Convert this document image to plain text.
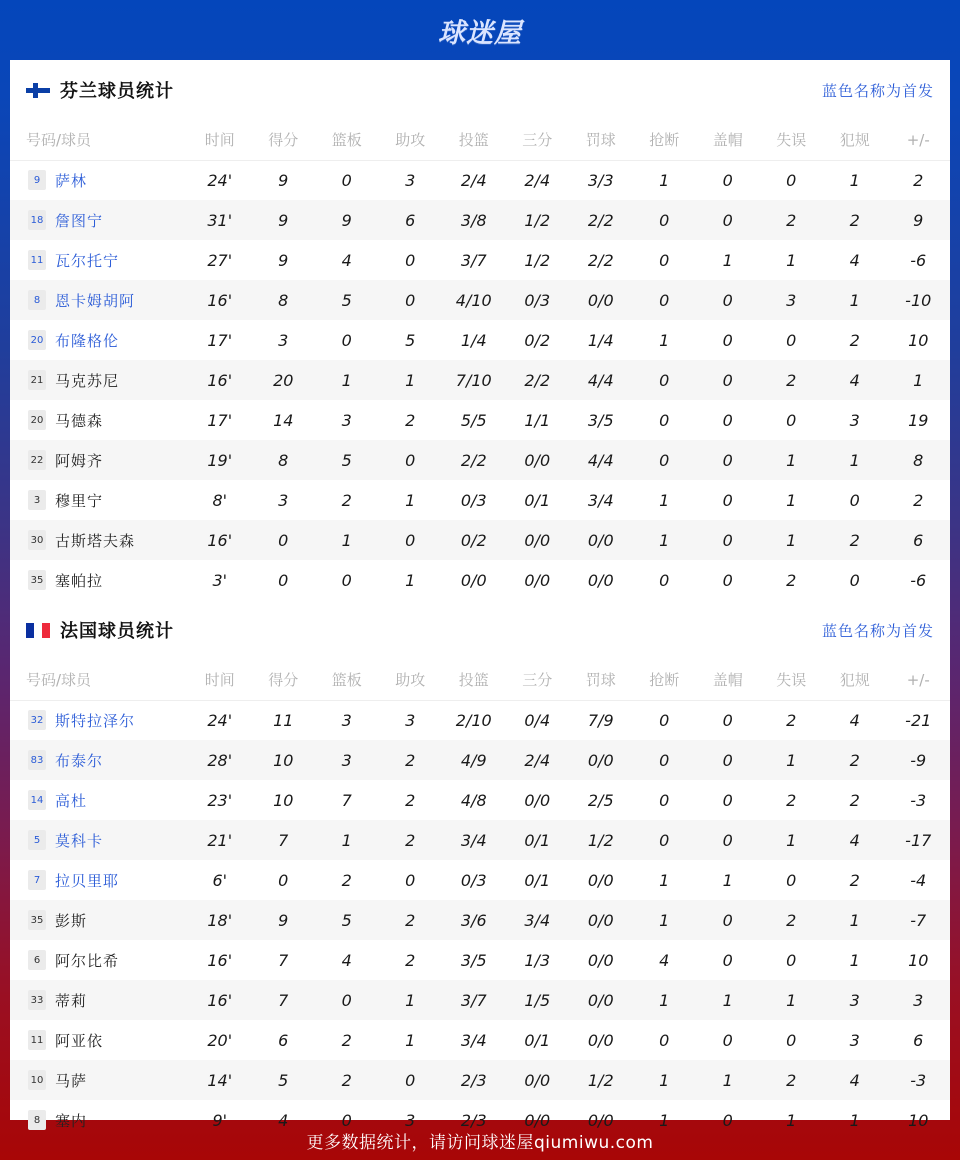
球迷屋
芬兰球员统计	蓝色名称为首发
号码/球员	时间	得分	篮板	助攻	投篮	三分	罚球	抢断	盖帽	失误	犯规	+/-

9 萨林	24'	9	0	3	2/4	2/4	3/3	1	0	0	1	2

18 詹图宁	31'	9	9	6	3/8	1/2	2/2	0	0	2	2	9

11 瓦尔托宁	27'	9	4	0	3/7	1/2	2/2	0	1	1	4	-6

8 恩卡姆胡阿	16'	8	5	0	4/10	0/3	0/0	0	0	3	1	-10

20 布隆格伦	17'	3	0	5	1/4	0/2	1/4	1	0	0	2	10

21 马克苏尼	16'	20	1	1	7/10	2/2	4/4	0	0	2	4	1

20 马德森	17'	14	3	2	5/5	1/1	3/5	0	0	0	3	19

22 阿姆齐	19'	8	5	0	2/2	0/0	4/4	0	0	1	1	8

3 穆里宁	8'	3	2	1	0/3	0/1	3/4	1	0	1	0	2

30 古斯塔夫森	16'	0	1	0	0/2	0/0	0/0	1	0	1	2	6

35 塞帕拉	3'	0	0	1	0/0	0/0	0/0	0	0	2	0	-6
法国球员统计	蓝色名称为首发
号码/球员	时间	得分	篮板	助攻	投篮	三分	罚球	抢断	盖帽	失误	犯规	+/-

32 斯特拉泽尔	24'	11	3	3	2/10	0/4	7/9	0	0	2	4	-21

83 布泰尔	28'	10	3	2	4/9	2/4	0/0	0	0	1	2	-9

14 高杜	23'	10	7	2	4/8	0/0	2/5	0	0	2	2	-3

5 莫科卡	21'	7	1	2	3/4	0/1	1/2	0	0	1	4	-17

7 拉贝里耶	6'	0	2	0	0/3	0/1	0/0	1	1	0	2	-4

35 彭斯	18'	9	5	2	3/6	3/4	0/0	1	0	2	1	-7

6 阿尔比希	16'	7	4	2	3/5	1/3	0/0	4	0	0	1	10

33 蒂莉	16'	7	0	1	3/7	1/5	0/0	1	1	1	3	3

11 阿亚依	20'	6	2	1	3/4	0/1	0/0	0	0	0	3	6

10 马萨	14'	5	2	0	2/3	0/0	1/2	1	1	2	4	-3

8 塞内	9'	4	0	3	2/3	0/0	0/0	1	0	1	1	10
更多数据统计，请访问球迷屋qiumiwu.com
